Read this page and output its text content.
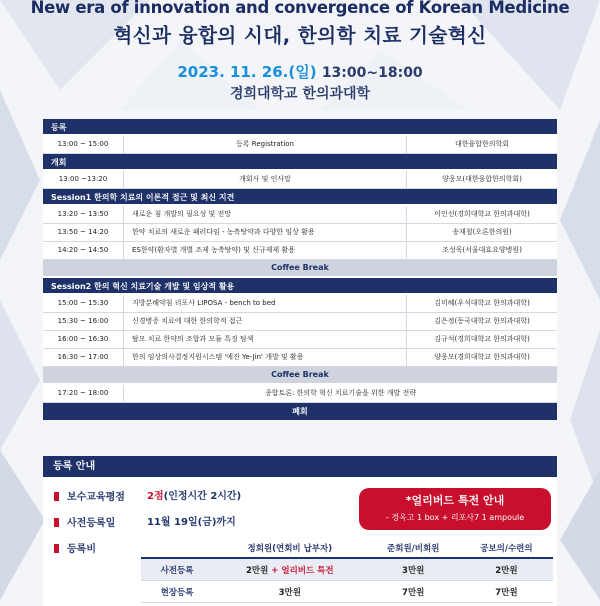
New era of innovation and convergence of Korean Medicine
혁신과 융합의 시대, 한의학 치료 기술혁신
2023. 11. 26.(일) 13:00~18:00
경희대학교 한의과대학
등록
13:00 ~ 15:00	등록 Registration	대한융합한의학회
개회
13:00 ~13:20	개회사 및 인사말	양웅모(대한융합한의학회)
Session1 한의학 치료의 이론적 접근 및 최신 지견
13:20 ~ 13:50	새로운 침 개발의 필요성 및 전망	이인선(경희대학교 한의과대학)
13:50 ~ 14:20	한약 치료의 새로운 패러다임 - 농축탕약과 다양한 임상 활용	송재철(오론한의원)
14:20 ~ 14:50	ES한약(환자별 개별 조제 농축탕약) 및 신규제제 활용	조성욱(서울대효요양병원)
Coffee Break
Session2 한의 혁신 치료기술 개발 및 임상적 활용
15:00 ~ 15:30	지방분해약침 리포사 LIPOSA - bench to bed	김미혜(우석대학교 한의과대학)
15:30 ~ 16:00	신경병증 치료에 대한 한의학적 접근	김은정(동국대학교 한의과대학)
16:00 ~ 16:30	탈모 치료 한약의 조합과 모듈 특징 탐색	김규석(경희대학교 한의과대학)
16:30 ~ 17:00	한의 임상의사결정지원시스템 '예진 Ye-Jin' 개발 및 활용	양웅모(경희대학교 한의과대학)
Coffee Break
17:20 ~ 18:00	종합토론: 한의학 혁신 치료기술을 위한 개발 전략
폐회
등록 안내
보수교육평점 2점(인정시간 2시간)
사전등록일	11월 19일(금)까지
등록비
*얼리버드 특전 안내
- 경옥고 1 box + 리포사7 1 ampoule
	정회원(연회비 납부자)	준회원/비회원	공보의/수련의
사전등록	2만원 + 얼리버드 특전	3만원	2만원
현장등록	3만원	7만원	7만원
